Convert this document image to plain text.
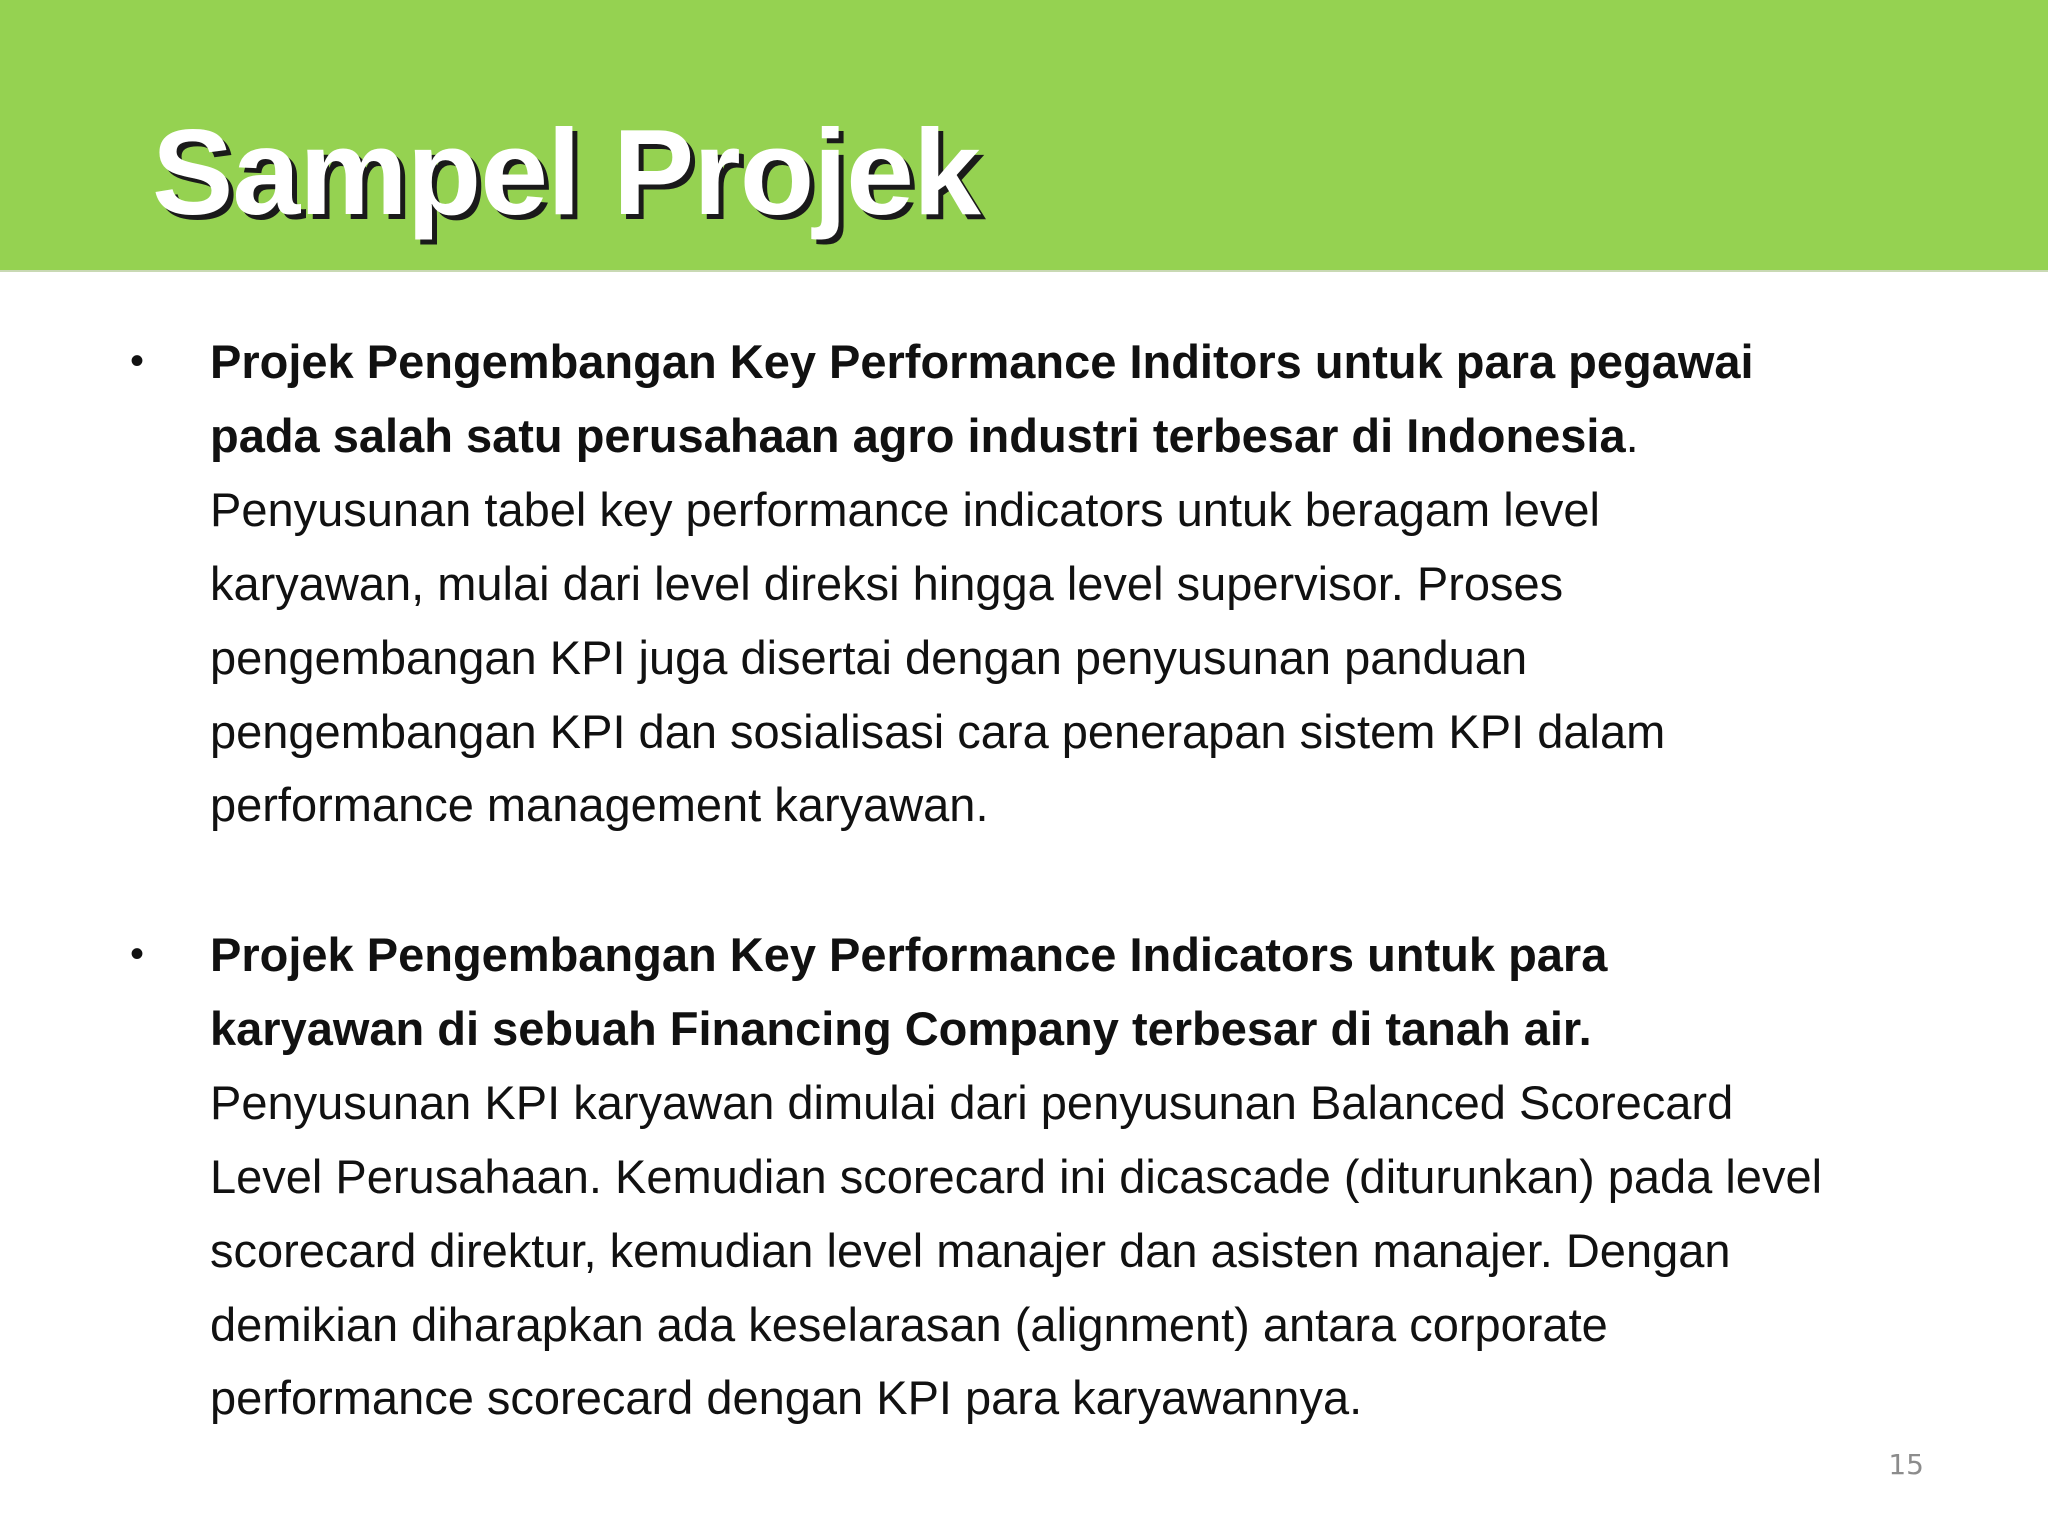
Sampel Projek
•	Projek Pengembangan Key Performance Inditors untuk para pegawai
pada salah satu perusahaan agro industri terbesar di Indonesia.
Penyusunan tabel key performance indicators untuk beragam level
karyawan, mulai dari level direksi hingga level supervisor. Proses
pengembangan KPI juga disertai dengan penyusunan panduan
pengembangan KPI dan sosialisasi cara penerapan sistem KPI dalam
performance management karyawan.
•	Projek Pengembangan Key Performance Indicators untuk para
karyawan di sebuah Financing Company terbesar di tanah air.
Penyusunan KPI karyawan dimulai dari penyusunan Balanced Scorecard
Level Perusahaan. Kemudian scorecard ini dicascade (diturunkan) pada level
scorecard direktur, kemudian level manajer dan asisten manajer. Dengan
demikian diharapkan ada keselarasan (alignment) antara corporate
performance scorecard dengan KPI para karyawannya.
15
